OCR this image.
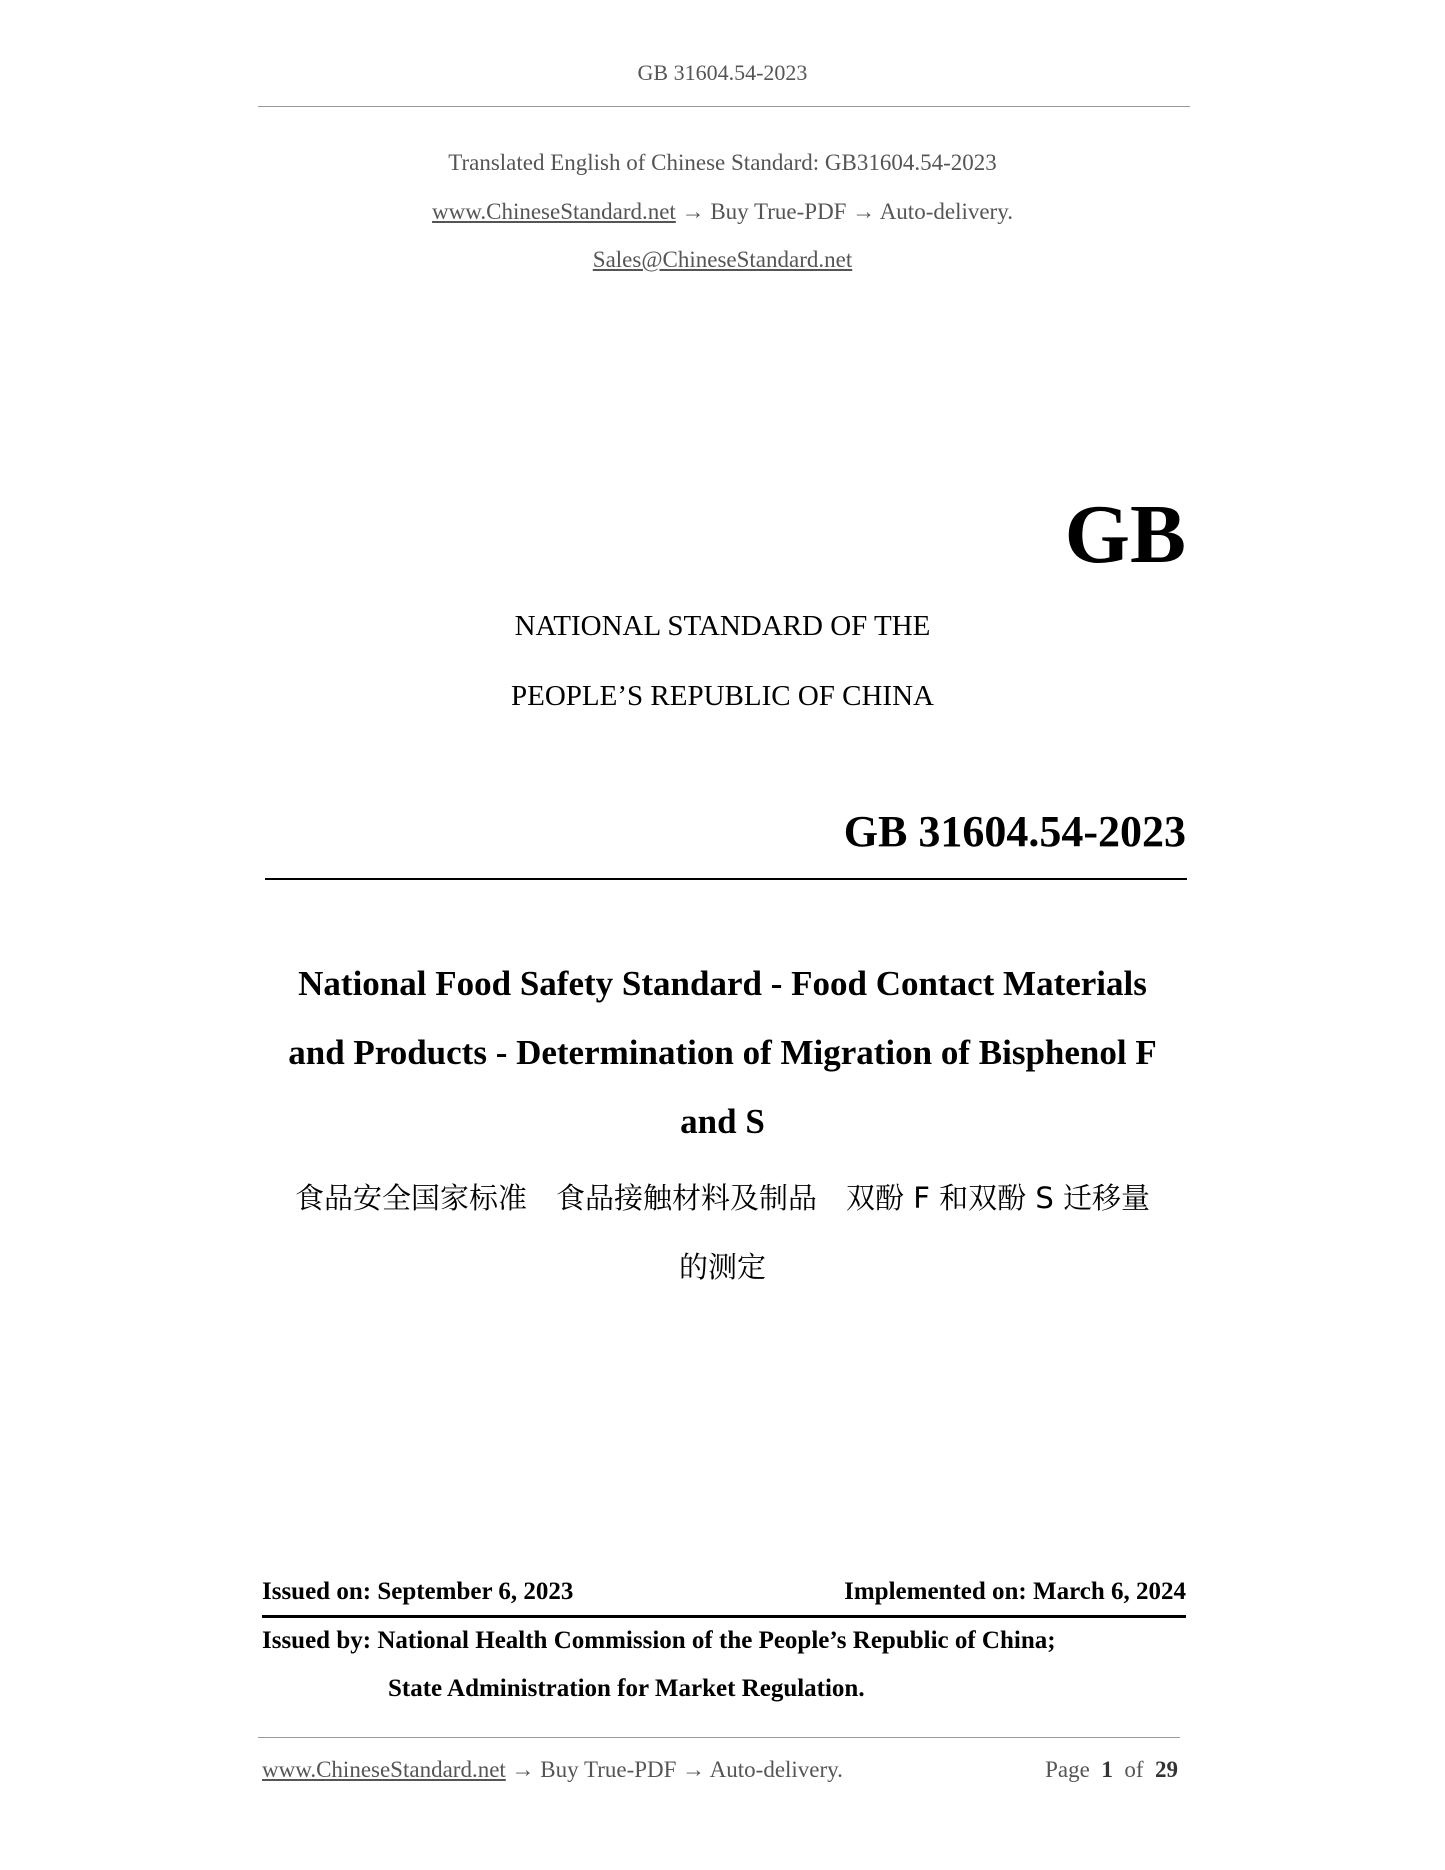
GB 31604.54-2023
Translated English of Chinese Standard: GB31604.54-2023
www.ChineseStandard.net → Buy True-PDF → Auto-delivery.
Sales@ChineseStandard.net
GB
NATIONAL STANDARD OF THE
PEOPLE’S REPUBLIC OF CHINA
GB 31604.54-2023
National Food Safety Standard - Food Contact Materials
and Products - Determination of Migration of Bisphenol F
and S
食品安全国家标准　食品接触材料及制品　双酚 F 和双酚 S 迁移量
的测定
Issued on: September 6, 2023	Implemented on: March 6, 2024
Issued by: National Health Commission of the People’s Republic of China;
State Administration for Market Regulation.
www.ChineseStandard.net → Buy True-PDF → Auto-delivery.	Page 1 of 29
